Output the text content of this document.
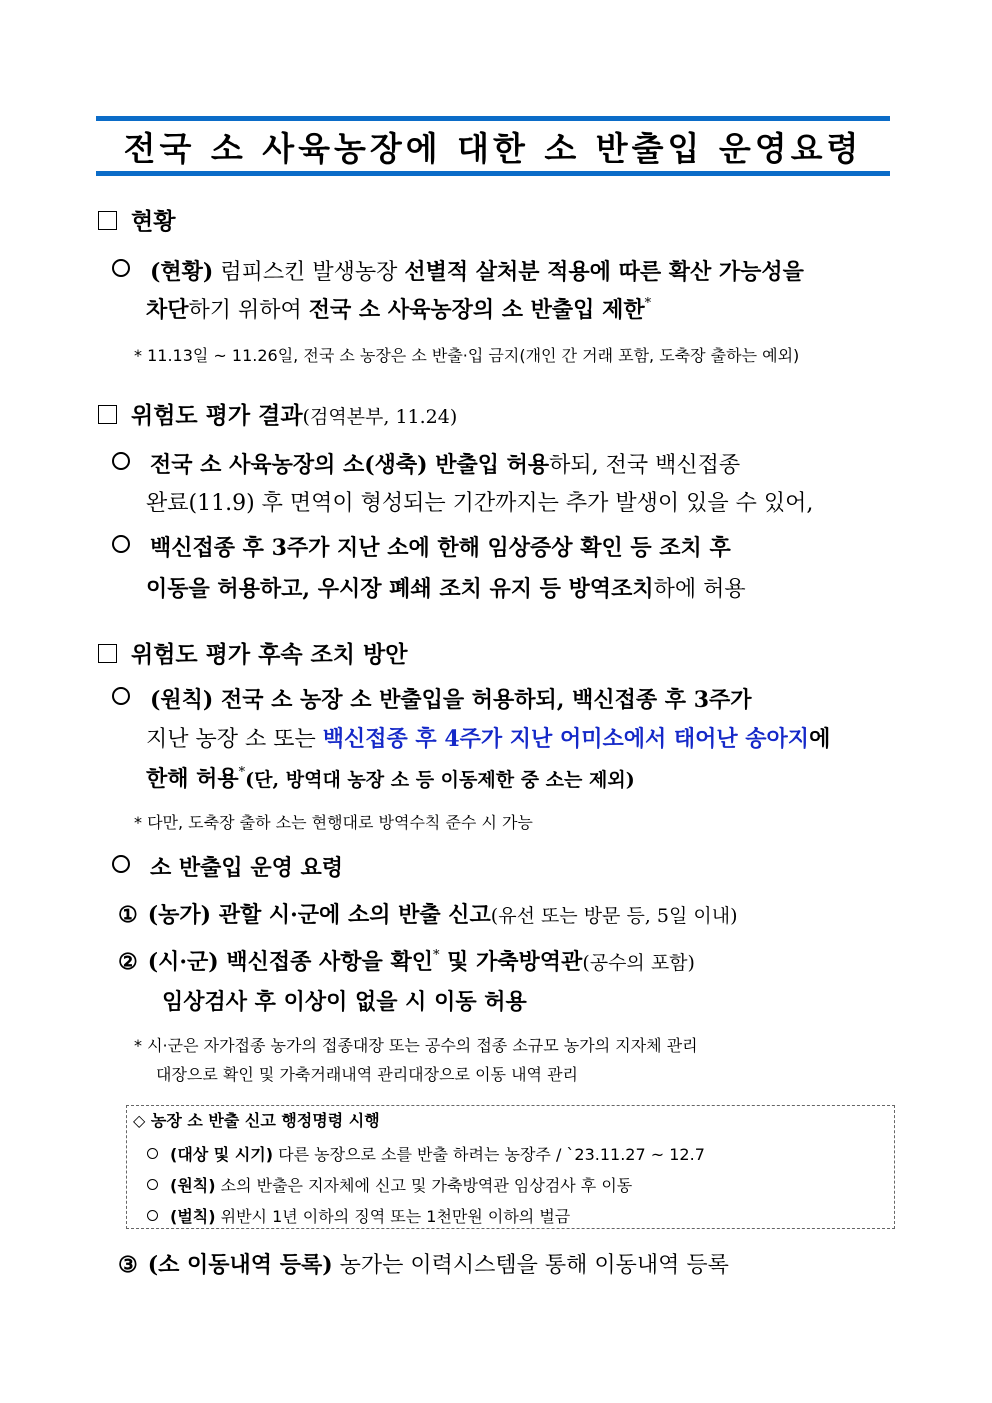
전국 소 사육농장에 대한 소 반출입 운영요령
현황
(현황) 럼피스킨 발생농장 선별적 살처분 적용에 따른 확산 가능성을
차단하기 위하여 전국 소 사육농장의 소 반출입 제한*
* 11.13일 ~ 11.26일, 전국 소 농장은 소 반출·입 금지(개인 간 거래 포함, 도축장 출하는 예외)
위험도 평가 결과(검역본부, 11.24)
전국 소 사육농장의 소(생축) 반출입 허용하되, 전국 백신접종
완료(11.9) 후 면역이 형성되는 기간까지는 추가 발생이 있을 수 있어,
백신접종 후 3주가 지난 소에 한해 임상증상 확인 등 조치 후
이동을 허용하고, 우시장 폐쇄 조치 유지 등 방역조치하에 허용
위험도 평가 후속 조치 방안
(원칙) 전국 소 농장 소 반출입을 허용하되, 백신접종 후 3주가
지난 농장 소 또는 백신접종 후 4주가 지난 어미소에서 태어난 송아지에
한해 허용*(단, 방역대 농장 소 등 이동제한 중 소는 제외)
* 다만, 도축장 출하 소는 현행대로 방역수칙 준수 시 가능
소 반출입 운영 요령
① (농가) 관할 시·군에 소의 반출 신고(유선 또는 방문 등, 5일 이내)
② (시·군) 백신접종 사항을 확인* 및 가축방역관(공수의 포함)
임상검사 후 이상이 없을 시 이동 허용
* 시·군은 자가접종 농가의 접종대장 또는 공수의 접종 소규모 농가의 지자체 관리
대장으로 확인 및 가축거래내역 관리대장으로 이동 내역 관리
◇ 농장 소 반출 신고 행정명령 시행
(대상 및 시기) 다른 농장으로 소를 반출 하려는 농장주 / `23.11.27 ~ 12.7
(원칙) 소의 반출은 지자체에 신고 및 가축방역관 임상검사 후 이동
(벌칙) 위반시 1년 이하의 징역 또는 1천만원 이하의 벌금
③ (소 이동내역 등록) 농가는 이력시스템을 통해 이동내역 등록
